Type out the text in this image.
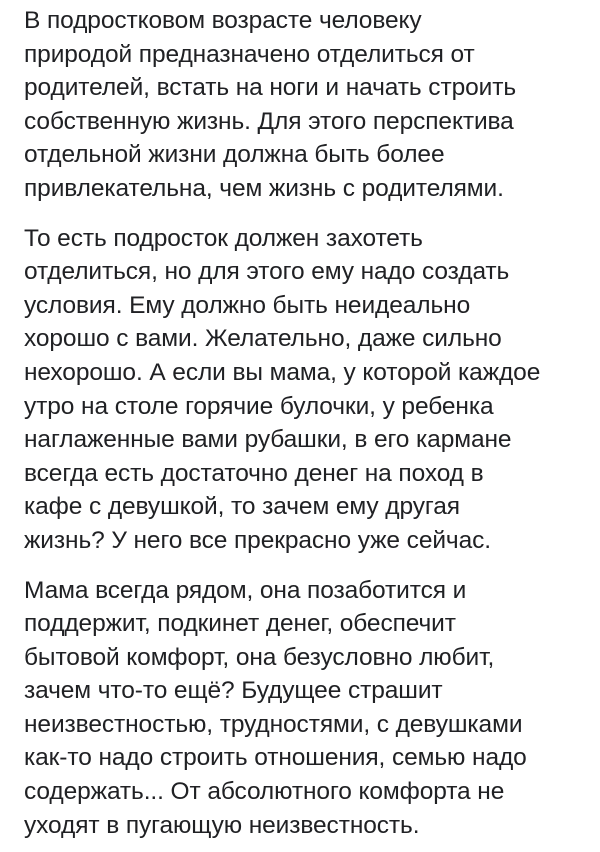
В подростковом возрасте человеку
природой предназначено отделиться от
родителей, встать на ноги и начать строить
собственную жизнь. Для этого перспектива
отдельной жизни должна быть более
привлекательна, чем жизнь с родителями.

То есть подросток должен захотеть
отделиться, но для этого ему надо создать
условия. Ему должно быть неидеально
хорошо с вами. Желательно, даже сильно
нехорошо. А если вы мама, у которой каждое
утро на столе горячие булочки, у ребенка
наглаженные вами рубашки, в его кармане
всегда есть достаточно денег на поход в
кафе с девушкой, то зачем ему другая
жизнь? У него все прекрасно уже сейчас.

Мама всегда рядом, она позаботится и
поддержит, подкинет денег, обеспечит
бытовой комфорт, она безусловно любит,
зачем что-то ещё? Будущее страшит
неизвестностью, трудностями, с девушками
как-то надо строить отношения, семью надо
содержать... От абсолютного комфорта не
уходят в пугающую неизвестность.
